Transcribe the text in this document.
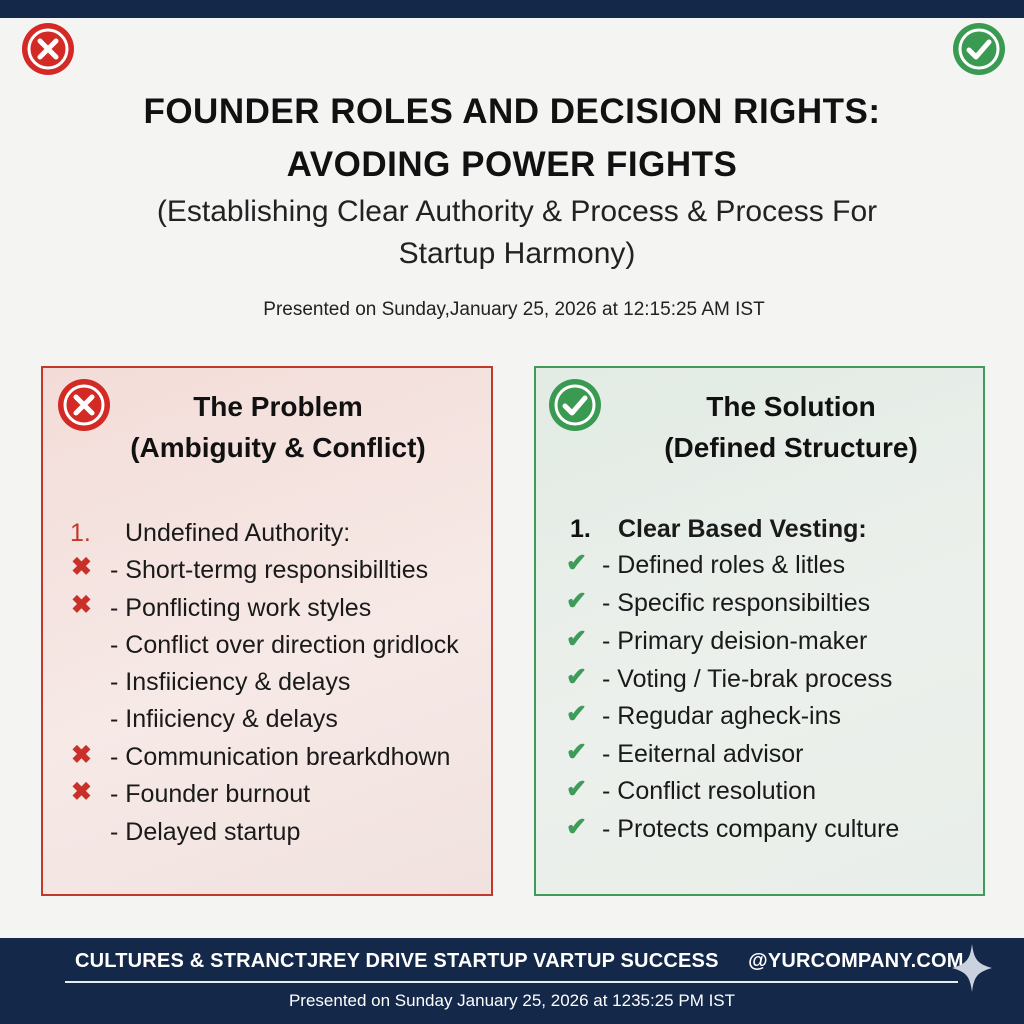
FOUNDER ROLES AND DECISION RIGHTS:
AVODING POWER FIGHTS
(Establishing Clear Authority & Process & Process For
Startup Harmony)
Presented on Sunday,January 25, 2026 at 12:15:25 AM IST
The Problem
(Ambiguity & Conflict)
1. Undefined Authority:
✖ - Short-termg responsibillties
✖ - Ponflicting work styles
- Conflict over direction gridlock
- Insfiiciency & delays
- Infiiciency & delays
✖ - Communication brearkdhown
✖ - Founder burnout
- Delayed startup
The Solution
(Defined Structure)
1. Clear Based Vesting:
✔ - Defined roles & litles
✔ - Specific responsibilties
✔ - Primary deision-maker
✔ - Voting / Tie-brak process
✔ - Regudar agheck-ins
✔ - Eeiternal advisor
✔ - Conflict resolution
✔ - Protects company culture
CULTURES & STRANCTJREY DRIVE STARTUP VARTUP SUCCESS @YURCOMPANY.COM
Presented on Sunday January 25, 2026 at 1235:25 PM IST
